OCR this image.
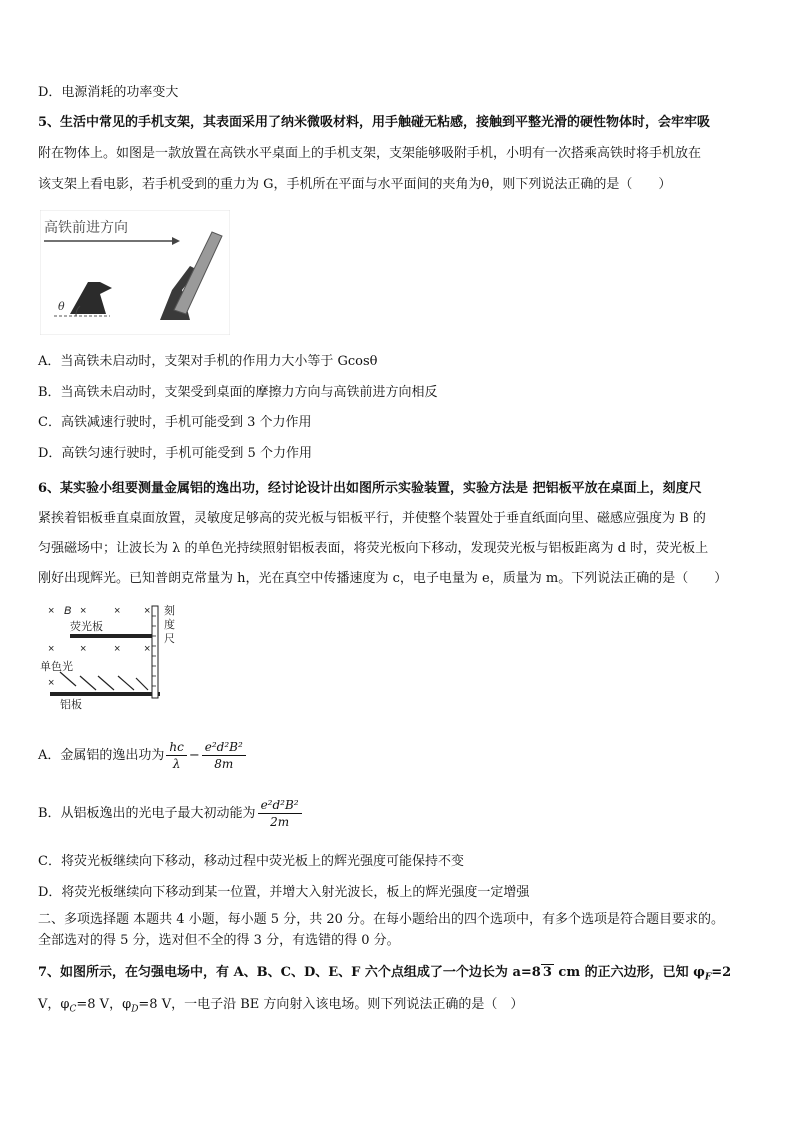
D．电源消耗的功率变大
5、生活中常见的手机支架，其表面采用了纳米微吸材料，用手触碰无粘感，接触到平整光滑的硬性物体时，会牢牢吸
附在物体上。如图是一款放置在高铁水平桌面上的手机支架，支架能够吸附手机，小明有一次搭乘高铁时将手机放在
该支架上看电影，若手机受到的重力为 G，手机所在平面与水平面间的夹角为θ，则下列说法正确的是（　　）
高铁前进方向
θ
A．当高铁未启动时，支架对手机的作用力大小等于 Gcosθ
B．当高铁未启动时，支架受到桌面的摩擦力方向与高铁前进方向相反
C．高铁减速行驶时，手机可能受到 3 个力作用
D．高铁匀速行驶时，手机可能受到 5 个力作用
6、某实验小组要测量金属铝的逸出功，经讨论设计出如图所示实验装置，实验方法是 把铝板平放在桌面上，刻度尺
紧挨着铝板垂直桌面放置，灵敏度足够高的荧光板与铝板平行，并使整个装置处于垂直纸面向里、磁感应强度为 B 的
匀强磁场中；让波长为 λ 的单色光持续照射铝板表面，将荧光板向下移动，发现荧光板与铝板距离为 d 时，荧光板上
刚好出现辉光。已知普朗克常量为 h，光在真空中传播速度为 c，电子电量为 e，质量为 m。下列说法正确的是（　　）
× B ×	× ×
× ×	× ×
×
荧光板
单色光
铝板
刻
度
尺
A．金属铝的逸出功为 $\frac{hc}{\lambda} - \frac{\text{e²d²B²}}{8m}$
B．从铝板逸出的光电子最大初动能为 $\frac{\text{e²d²B²}}{2m}$
C．将荧光板继续向下移动，移动过程中荧光板上的辉光强度可能保持不变
D．将荧光板继续向下移动到某一位置，并增大入射光波长，板上的辉光强度一定增强
二、多项选择题 本题共 4 小题，每小题 5 分，共 20 分。在每小题给出的四个选项中，有多个选项是符合题目要求的。
全部选对的得 5 分，选对但不全的得 3 分，有选错的得 0 分。
7、如图所示，在匀强电场中，有 A、B、C、D、E、F 六个点组成了一个边长为 a=8 3 cm 的正六边形，已知 $\varphi_F=2$
V，$\varphi_C=8$ V，$\varphi_D=8$ V，一电子沿 BE 方向射入该电场。则下列说法正确的是（　）
